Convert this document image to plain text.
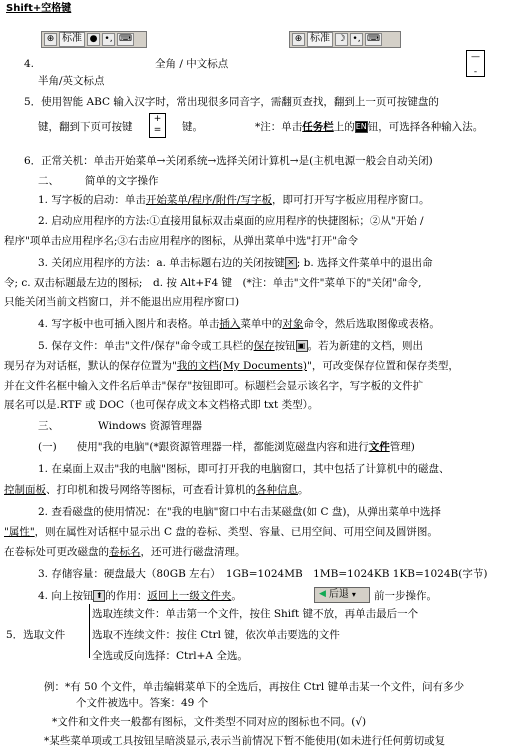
Shift+空格键
⊕ 标准 ● •, ⌨	⊕ 标准 ☽ •, ⌨
4.	全角 / 中文标点
—
-
半角/英文标点
5．使用智能 ABC 输入汉字时，常出现很多同音字，需翻页查找，翻到上一页可按键盘的
键，翻到下页可按键
+
=	键。	*注：单击任务栏上的EN钮，可选择各种输入法。
6．正常关机：单击开始菜单→关闭系统→选择关闭计算机→是(主机电源一般会自动关闭)
二、 简单的文字操作
1. 写字板的启动：单击开始菜单/程序/附件/写字板，即可打开写字板应用程序窗口。
2. 启动应用程序的方法:①直接用鼠标双击桌面的应用程序的快捷图标；②从"开始 /
程序"项单击应用程序名;③右击应用程序的图标，从弹出菜单中选"打开"命令
3. 关闭应用程序的方法：a. 单击标题右边的关闭按键 ✕ ; b. 选择文件菜单中的退出命
令; c. 双击标题最左边的图标;　d. 按 Alt+F4 键　(*注：单击"文件"菜单下的"关闭"命令,
只能关闭当前文档窗口，并不能退出应用程序窗口)
4. 写字板中也可插入图片和表格。单击插入菜单中的对象命令，然后选取图像或表格。
5. 保存文件：单击"文件/保存"命令或工具栏的保存按钮 ▣ 。若为新建的文档，则出
现另存为对话框，默认的保存位置为"我的文档(My Documents)"，可改变保存位置和保存类型，
并在文件名框中输入文件名后单击"保存"按钮即可。标题栏会显示该名字，写字板的文件扩
展名可以是.RTF 或 DOC（也可保存成文本文档格式即 txt 类型）。
三、	Windows 资源管理器
(一) 使用"我的电脑"(*跟资源管理器一样，都能浏览磁盘内容和进行文件管理)
1. 在桌面上双击"我的电脑"图标，即可打开我的电脑窗口，其中包括了计算机中的磁盘、
控制面板、打印机和拨号网络等图标，可查看计算机的各种信息。
2. 查看磁盘的使用情况：在"我的电脑"窗口中右击某磁盘(如 C 盘)，从弹出菜单中选择
"属性"，则在属性对话框中显示出 C 盘的卷标、类型、容量、已用空间、可用空间及圆饼图。
在卷标处可更改磁盘的卷标名，还可进行磁盘清理。
3. 存储容量：硬盘最大（80GB 左右）　1GB=1024MB　1MB=1024KB 1KB=1024B(字节)
4. 向上按钮 ⬆ 的作用：返回上一级文件夹。	◀ 后退 ▾ 前一步操作。
选取连续文件：单击第一个文件，按住 Shift 键不放，再单击最后一个
5．选取文件	选取不连续文件：按住 Ctrl 键，依次单击要选的文件
全选或反向选择：Ctrl+A 全选。
例：*有 50 个文件，单击编辑菜单下的全选后，再按住 Ctrl 键单击某一个文件，问有多少
个文件被选中。答案：49 个
*文件和文件夹一般都有图标，文件类型不同对应的图标也不同。(√)
*某些菜单项或工具按钮呈暗淡显示,表示当前情况下暂不能使用(如未进行任何剪切或复
